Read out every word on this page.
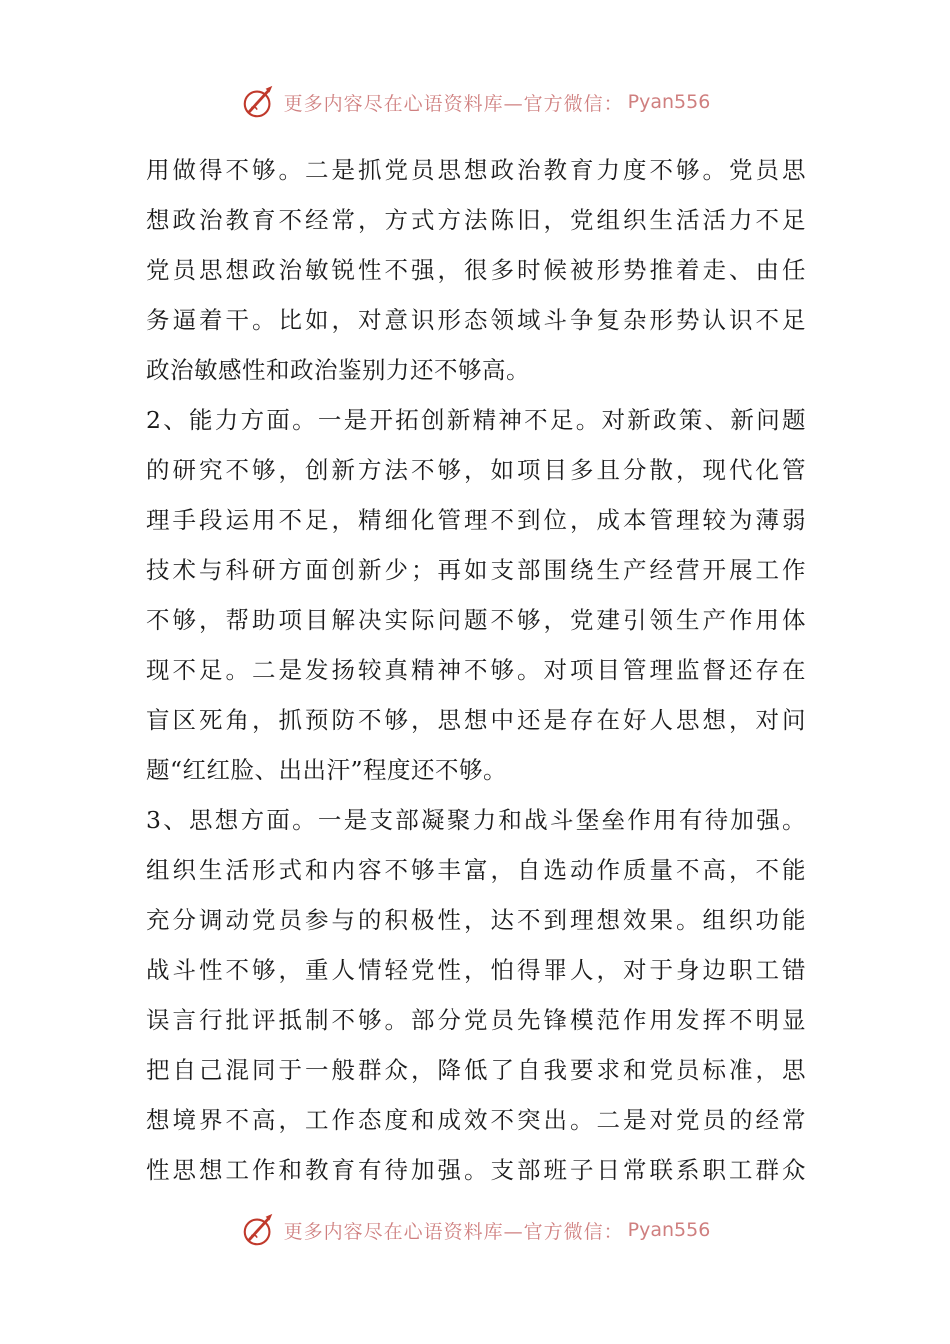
更多内容尽在心语资料库—官方微信： Pyan556
用做得不够。二是抓党员思想政治教育力度不够。党员思
想政治教育不经常，方式方法陈旧，党组织生活活力不足
党员思想政治敏锐性不强，很多时候被形势推着走、由任
务逼着干。比如，对意识形态领域斗争复杂形势认识不足
政治敏感性和政治鉴别力还不够高。
2、能力方面。一是开拓创新精神不足。对新政策、新问题
的研究不够，创新方法不够，如项目多且分散，现代化管
理手段运用不足，精细化管理不到位，成本管理较为薄弱
技术与科研方面创新少；再如支部围绕生产经营开展工作
不够，帮助项目解决实际问题不够，党建引领生产作用体
现不足。二是发扬较真精神不够。对项目管理监督还存在
盲区死角，抓预防不够，思想中还是存在好人思想，对问
题“红红脸、出出汗”程度还不够。
3、思想方面。一是支部凝聚力和战斗堡垒作用有待加强。
组织生活形式和内容不够丰富，自选动作质量不高，不能
充分调动党员参与的积极性，达不到理想效果。组织功能
战斗性不够，重人情轻党性，怕得罪人，对于身边职工错
误言行批评抵制不够。部分党员先锋模范作用发挥不明显
把自己混同于一般群众，降低了自我要求和党员标准，思
想境界不高，工作态度和成效不突出。二是对党员的经常
性思想工作和教育有待加强。支部班子日常联系职工群众
更多内容尽在心语资料库—官方微信： Pyan556
